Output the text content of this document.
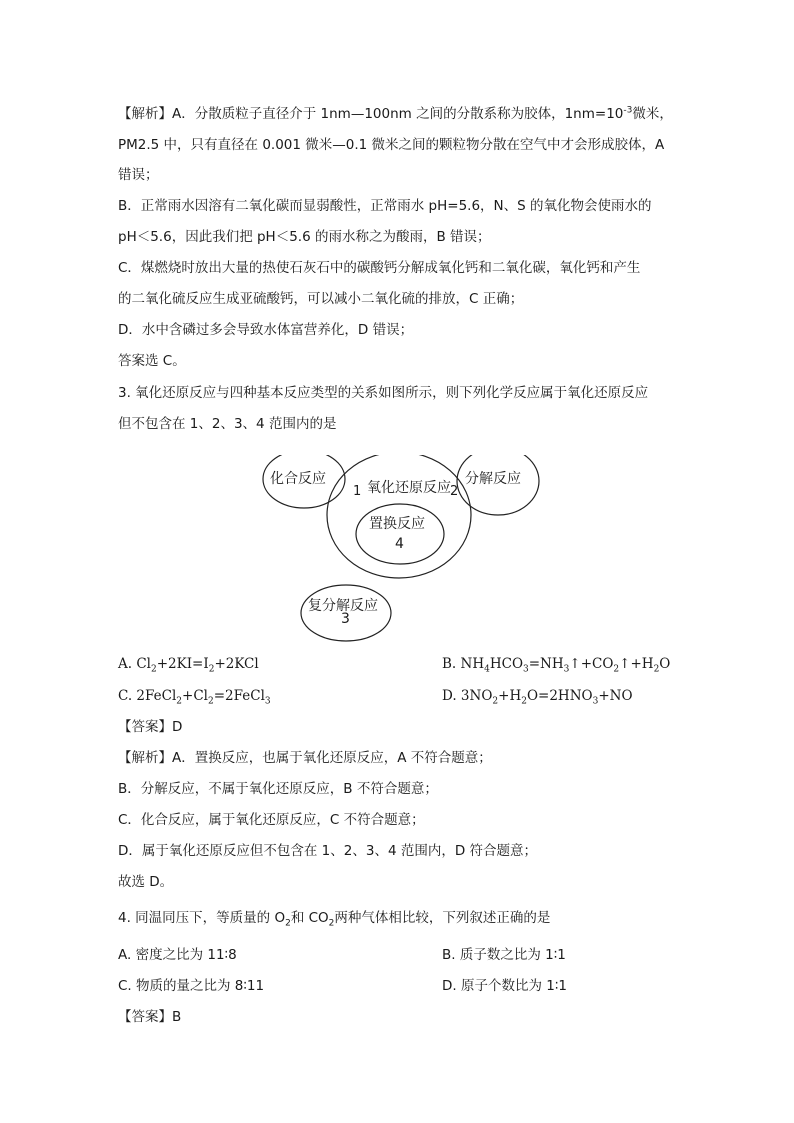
【解析】A．分散质粒子直径介于 1nm—100nm 之间的分散系称为胶体，$1nm=10^{-3}$微米，
PM2.5 中，只有直径在 0.001 微米—0.1 微米之间的颗粒物分散在空气中才会形成胶体，A
错误；
B．正常雨水因溶有二氧化碳而显弱酸性，正常雨水 pH=5.6，N、S 的氧化物会使雨水的
pH＜5.6，因此我们把 pH＜5.6 的雨水称之为酸雨，B 错误；
C．煤燃烧时放出大量的热使石灰石中的碳酸钙分解成氧化钙和二氧化碳，氧化钙和产生
的二氧化硫反应生成亚硫酸钙，可以减小二氧化硫的排放，C 正确；
D．水中含磷过多会导致水体富营养化，D 错误；
答案选 C。
3. 氧化还原反应与四种基本反应类型的关系如图所示，则下列化学反应属于氧化还原反应
但不包含在 1、2、3、4 范围内的是
化合反应
1 氧化还原反应 2
分解反应
置换反应
4
复分解反应
3
A. $Cl_2+2KI=I_2+2KCl$	B. $NH_4HCO_3=NH_3↑+CO_2↑+H_2O$
C. $2FeCl_2+Cl_2=2FeCl_3$	D. $3NO_2+H_2O=2HNO_3+NO$
【答案】D
【解析】A．置换反应，也属于氧化还原反应，A 不符合题意；
B．分解反应，不属于氧化还原反应，B 不符合题意；
C．化合反应，属于氧化还原反应，C 不符合题意；
D．属于氧化还原反应但不包含在 1、2、3、4 范围内，D 符合题意；
故选 D。
4. 同温同压下，等质量的 $O_2$和 $CO_2$两种气体相比较，下列叙述正确的是
A. 密度之比为 11∶8	B. 质子数之比为 1∶1
C. 物质的量之比为 8∶11	D. 原子个数比为 1∶1
【答案】B
